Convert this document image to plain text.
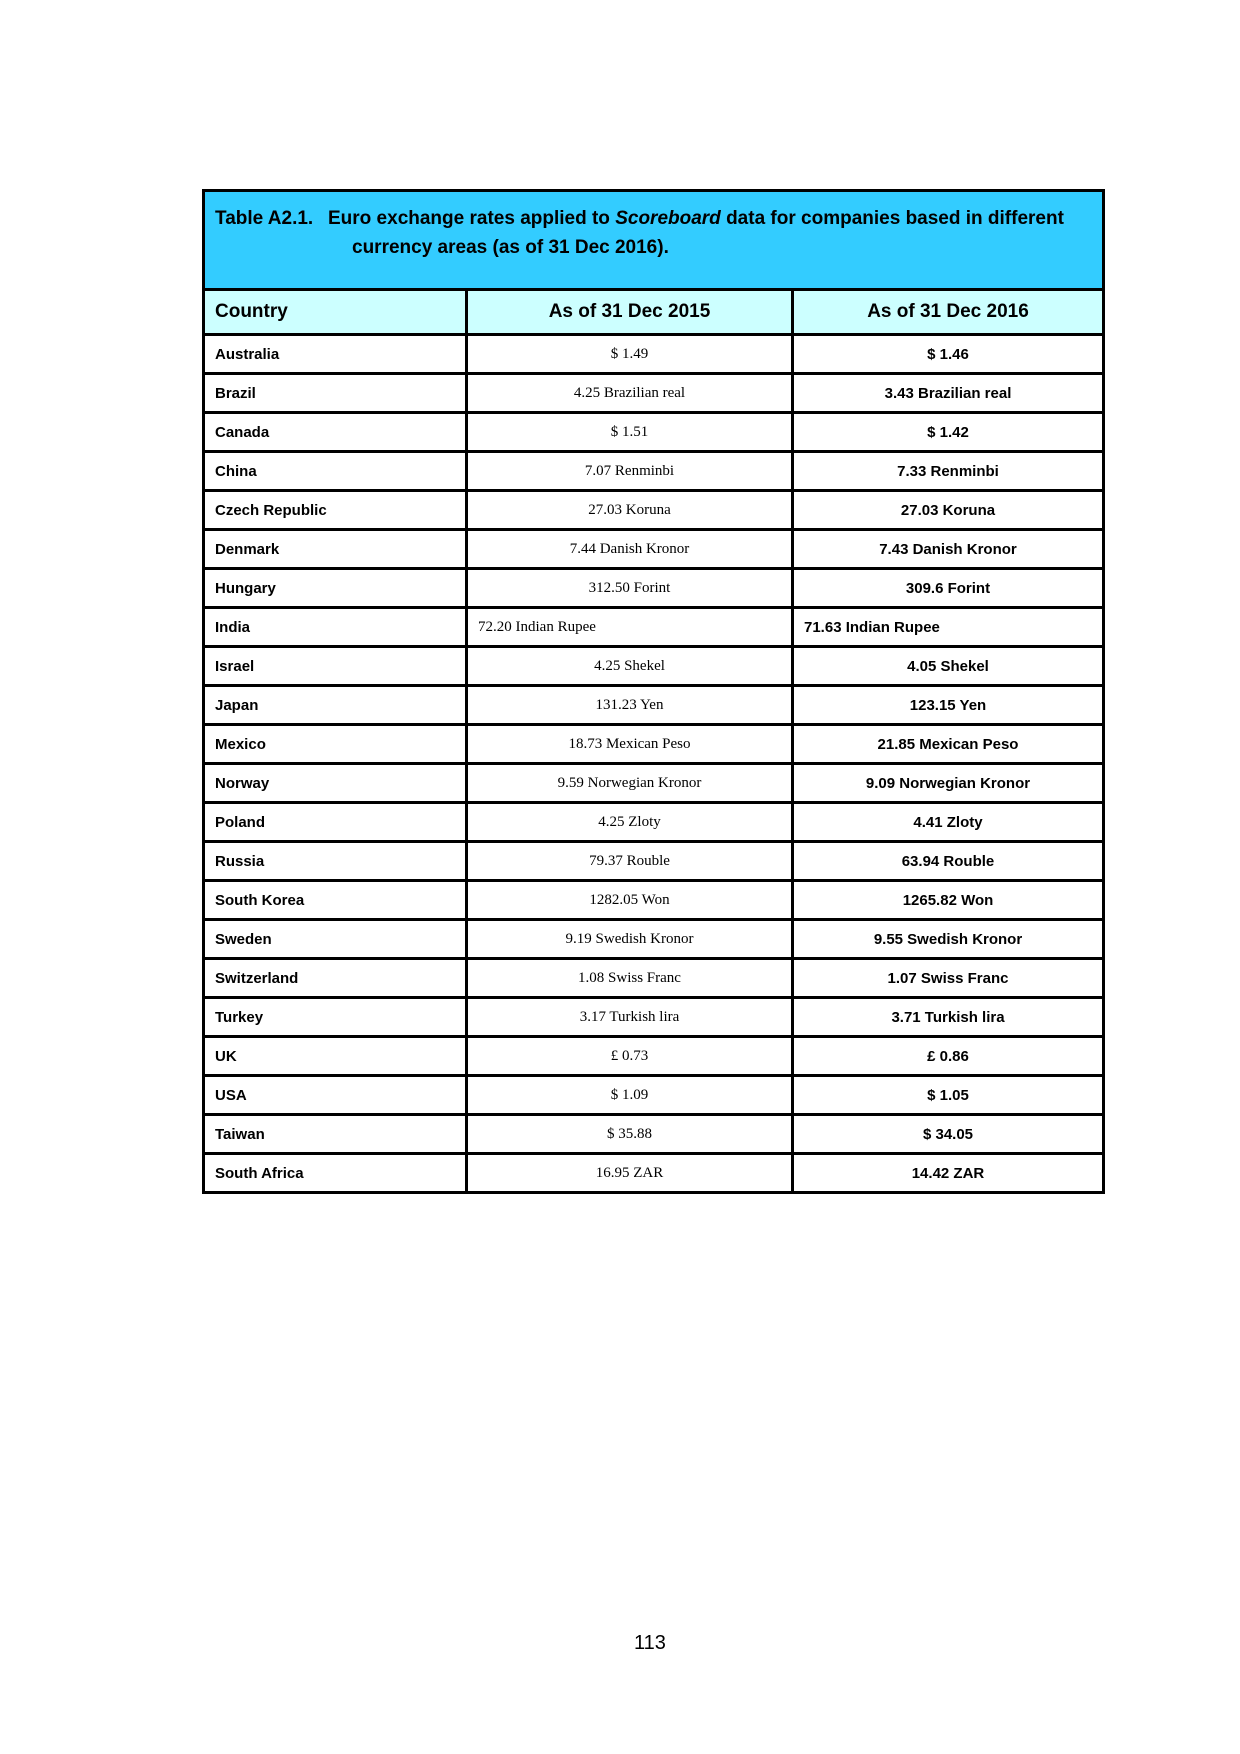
Table A2.1. Euro exchange rates applied to Scoreboard data for companies based in different
currency areas (as of 31 Dec 2016).		

Country	As of 31 Dec 2015	As of 31 Dec 2016
Australia	$ 1.49	$ 1.46
Brazil	4.25 Brazilian real	3.43 Brazilian real
Canada	$ 1.51	$ 1.42
China	7.07 Renminbi	7.33 Renminbi
Czech Republic	27.03 Koruna	27.03 Koruna
Denmark	7.44 Danish Kronor	7.43 Danish Kronor
Hungary	312.50 Forint	309.6 Forint
India	72.20 Indian Rupee	71.63 Indian Rupee
Israel	4.25 Shekel	4.05 Shekel
Japan	131.23 Yen	123.15 Yen
Mexico	18.73 Mexican Peso	21.85 Mexican Peso
Norway	9.59 Norwegian Kronor	9.09 Norwegian Kronor
Poland	4.25 Zloty	4.41 Zloty
Russia	79.37 Rouble	63.94 Rouble
South Korea	1282.05 Won	1265.82 Won
Sweden	9.19 Swedish Kronor	9.55 Swedish Kronor
Switzerland	1.08 Swiss Franc	1.07 Swiss Franc
Turkey	3.17 Turkish lira	3.71 Turkish lira
UK	£ 0.73	£ 0.86
USA	$ 1.09	$ 1.05
Taiwan	$ 35.88	$ 34.05
South Africa	16.95 ZAR	14.42 ZAR
113
